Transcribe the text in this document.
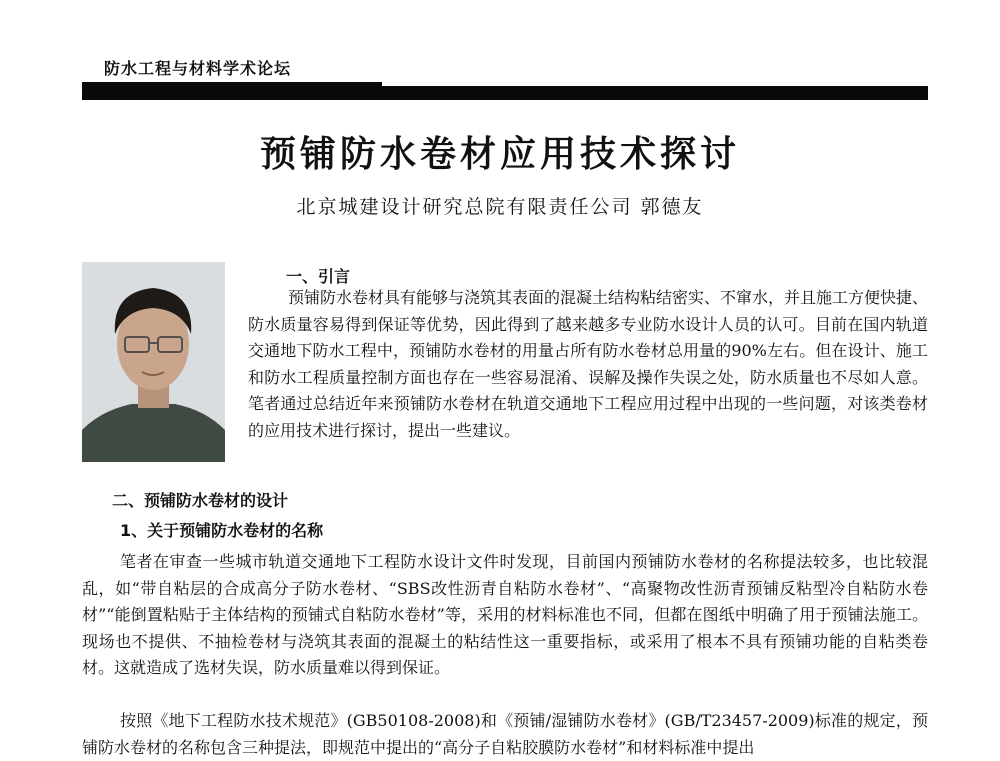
防水工程与材料学术论坛
预铺防水卷材应用技术探讨
北京城建设计研究总院有限责任公司 郭德友
一、引言

预铺防水卷材具有能够与浇筑其表面的混凝土结构粘结密实、不窜水，并且施工方便快捷、防水质量容易得到保证等优势，因此得到了越来越多专业防水设计人员的认可。目前在国内轨道交通地下防水工程中，预铺防水卷材的用量占所有防水卷材总用量的90%左右。但在设计、施工和防水工程质量控制方面也存在一些容易混淆、误解及操作失误之处，防水质量也不尽如人意。笔者通过总结近年来预铺防水卷材在轨道交通地下工程应用过程中出现的一些问题，对该类卷材的应用技术进行探讨，提出一些建议。

二、预铺防水卷材的设计
1、关于预铺防水卷材的名称

笔者在审查一些城市轨道交通地下工程防水设计文件时发现，目前国内预铺防水卷材的名称提法较多，也比较混乱，如“带自粘层的合成高分子防水卷材、“SBS改性沥青自粘防水卷材”、“高聚物改性沥青预铺反粘型冷自粘防水卷材”“能倒置粘贴于主体结构的预铺式自粘防水卷材”等，采用的材料标准也不同，但都在图纸中明确了用于预铺法施工。现场也不提供、不抽检卷材与浇筑其表面的混凝土的粘结性这一重要指标，或采用了根本不具有预铺功能的自粘类卷材。这就造成了选材失误，防水质量难以得到保证。

按照《地下工程防水技术规范》(GB50108-2008)和《预铺/湿铺防水卷材》(GB/T23457-2009)标准的规定，预铺防水卷材的名称包含三种提法，即规范中提出的“高分子自粘胶膜防水卷材”和材料标准中提出
